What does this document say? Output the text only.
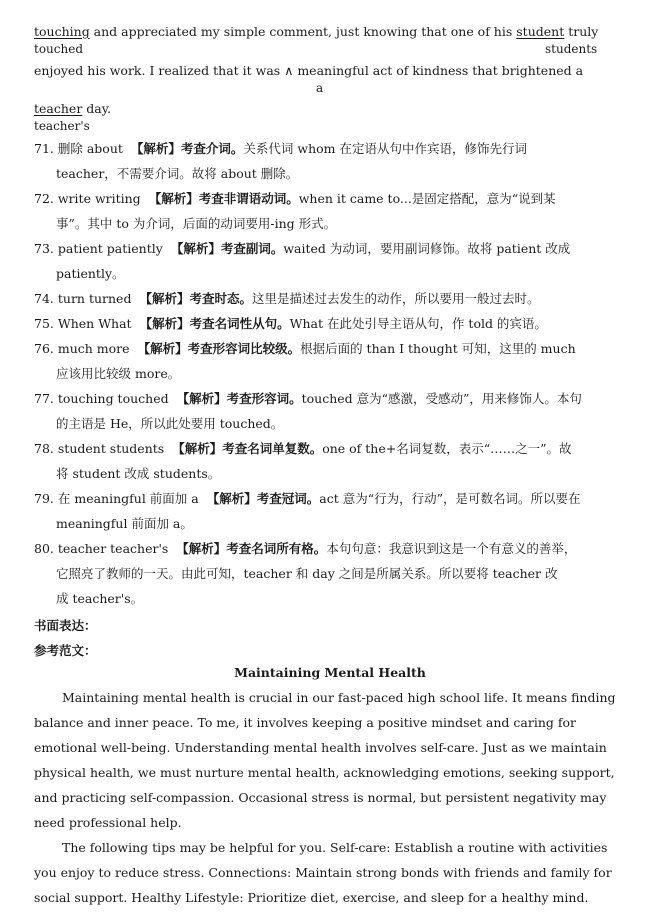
touching and appreciated my simple comment, just knowing that one of his student truly
touched	students
enjoyed his work. I realized that it was ∧ meaningful act of kindness that brightened a
a
teacher day.
teacher's
71. 删除 about 【解析】考查介词。关系代词 whom 在定语从句中作宾语，修饰先行词
teacher，不需要介词。故将 about 删除。
72. write writing 【解析】考查非谓语动词。when it came to...是固定搭配，意为“说到某
事”。其中 to 为介词，后面的动词要用-ing 形式。
73. patient patiently 【解析】考查副词。waited 为动词，要用副词修饰。故将 patient 改成
patiently。
74. turn turned 【解析】考查时态。这里是描述过去发生的动作，所以要用一般过去时。
75. When What 【解析】考查名词性从句。What 在此处引导主语从句，作 told 的宾语。
76. much more 【解析】考查形容词比较级。根据后面的 than I thought 可知，这里的 much
应该用比较级 more。
77. touching touched 【解析】考查形容词。touched 意为“感激，受感动”，用来修饰人。本句
的主语是 He，所以此处要用 touched。
78. student students 【解析】考查名词单复数。one of the+名词复数，表示“……之一”。故
将 student 改成 students。
79. 在 meaningful 前面加 a 【解析】考查冠词。act 意为“行为，行动”，是可数名词。所以要在
meaningful 前面加 a。
80. teacher teacher's 【解析】考查名词所有格。本句句意：我意识到这是一个有意义的善举，
它照亮了教师的一天。由此可知，teacher 和 day 之间是所属关系。所以要将 teacher 改
成 teacher's。
书面表达：
参考范文：
Maintaining Mental Health
Maintaining mental health is crucial in our fast-paced high school life. It means finding
balance and inner peace. To me, it involves keeping a positive mindset and caring for
emotional well-being. Understanding mental health involves self-care. Just as we maintain
physical health, we must nurture mental health, acknowledging emotions, seeking support,
and practicing self-compassion. Occasional stress is normal, but persistent negativity may
need professional help.
The following tips may be helpful for you. Self-care: Establish a routine with activities
you enjoy to reduce stress. Connections: Maintain strong bonds with friends and family for
social support. Healthy Lifestyle: Prioritize diet, exercise, and sleep for a healthy mind.
